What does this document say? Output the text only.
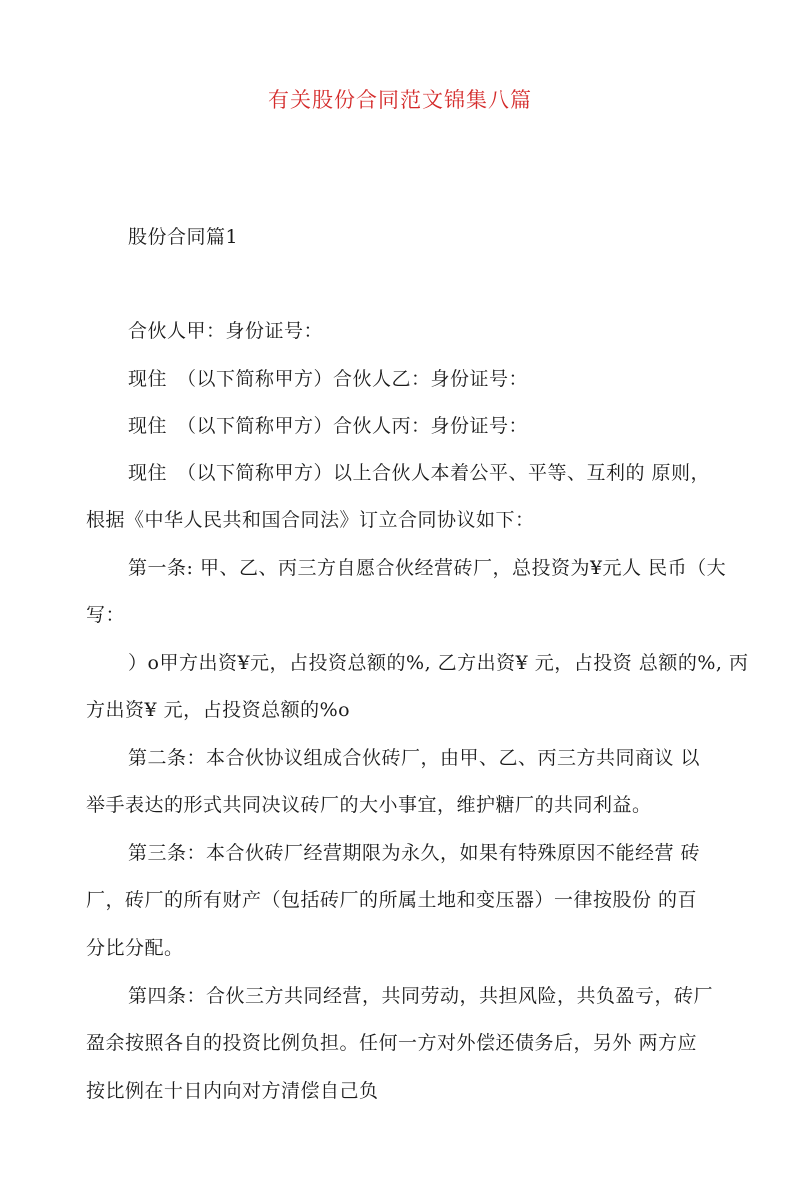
有关股份合同范文锦集八篇
股份合同篇1
合伙人甲：身份证号：
现住　（以下简称甲方）合伙人乙：身份证号：
现住　（以下简称甲方）合伙人丙：身份证号：
现住　（以下简称甲方）以上合伙人本着公平、平等、互利的 原则，
根据《中华人民共和国合同法》订立合同协议如下：
第一条: 甲、乙、丙三方自愿合伙经营砖厂，总投资为¥元人 民币（大
写：
）o甲方出资¥元，占投资总额的%, 乙方出资¥ 元，占投资 总额的%, 丙
方出资¥ 元，占投资总额的%o
第二条：本合伙协议组成合伙砖厂，由甲、乙、丙三方共同商议 以
举手表达的形式共同决议砖厂的大小事宜，维护糖厂的共同利益。
第三条：本合伙砖厂经营期限为永久，如果有特殊原因不能经营 砖
厂，砖厂的所有财产（包括砖厂的所属土地和变压器）一律按股份 的百
分比分配。
第四条：合伙三方共同经营，共同劳动，共担风险，共负盈亏，砖厂
盈余按照各自的投资比例负担。任何一方对外偿还债务后，另外 两方应
按比例在十日内向对方清偿自己负
